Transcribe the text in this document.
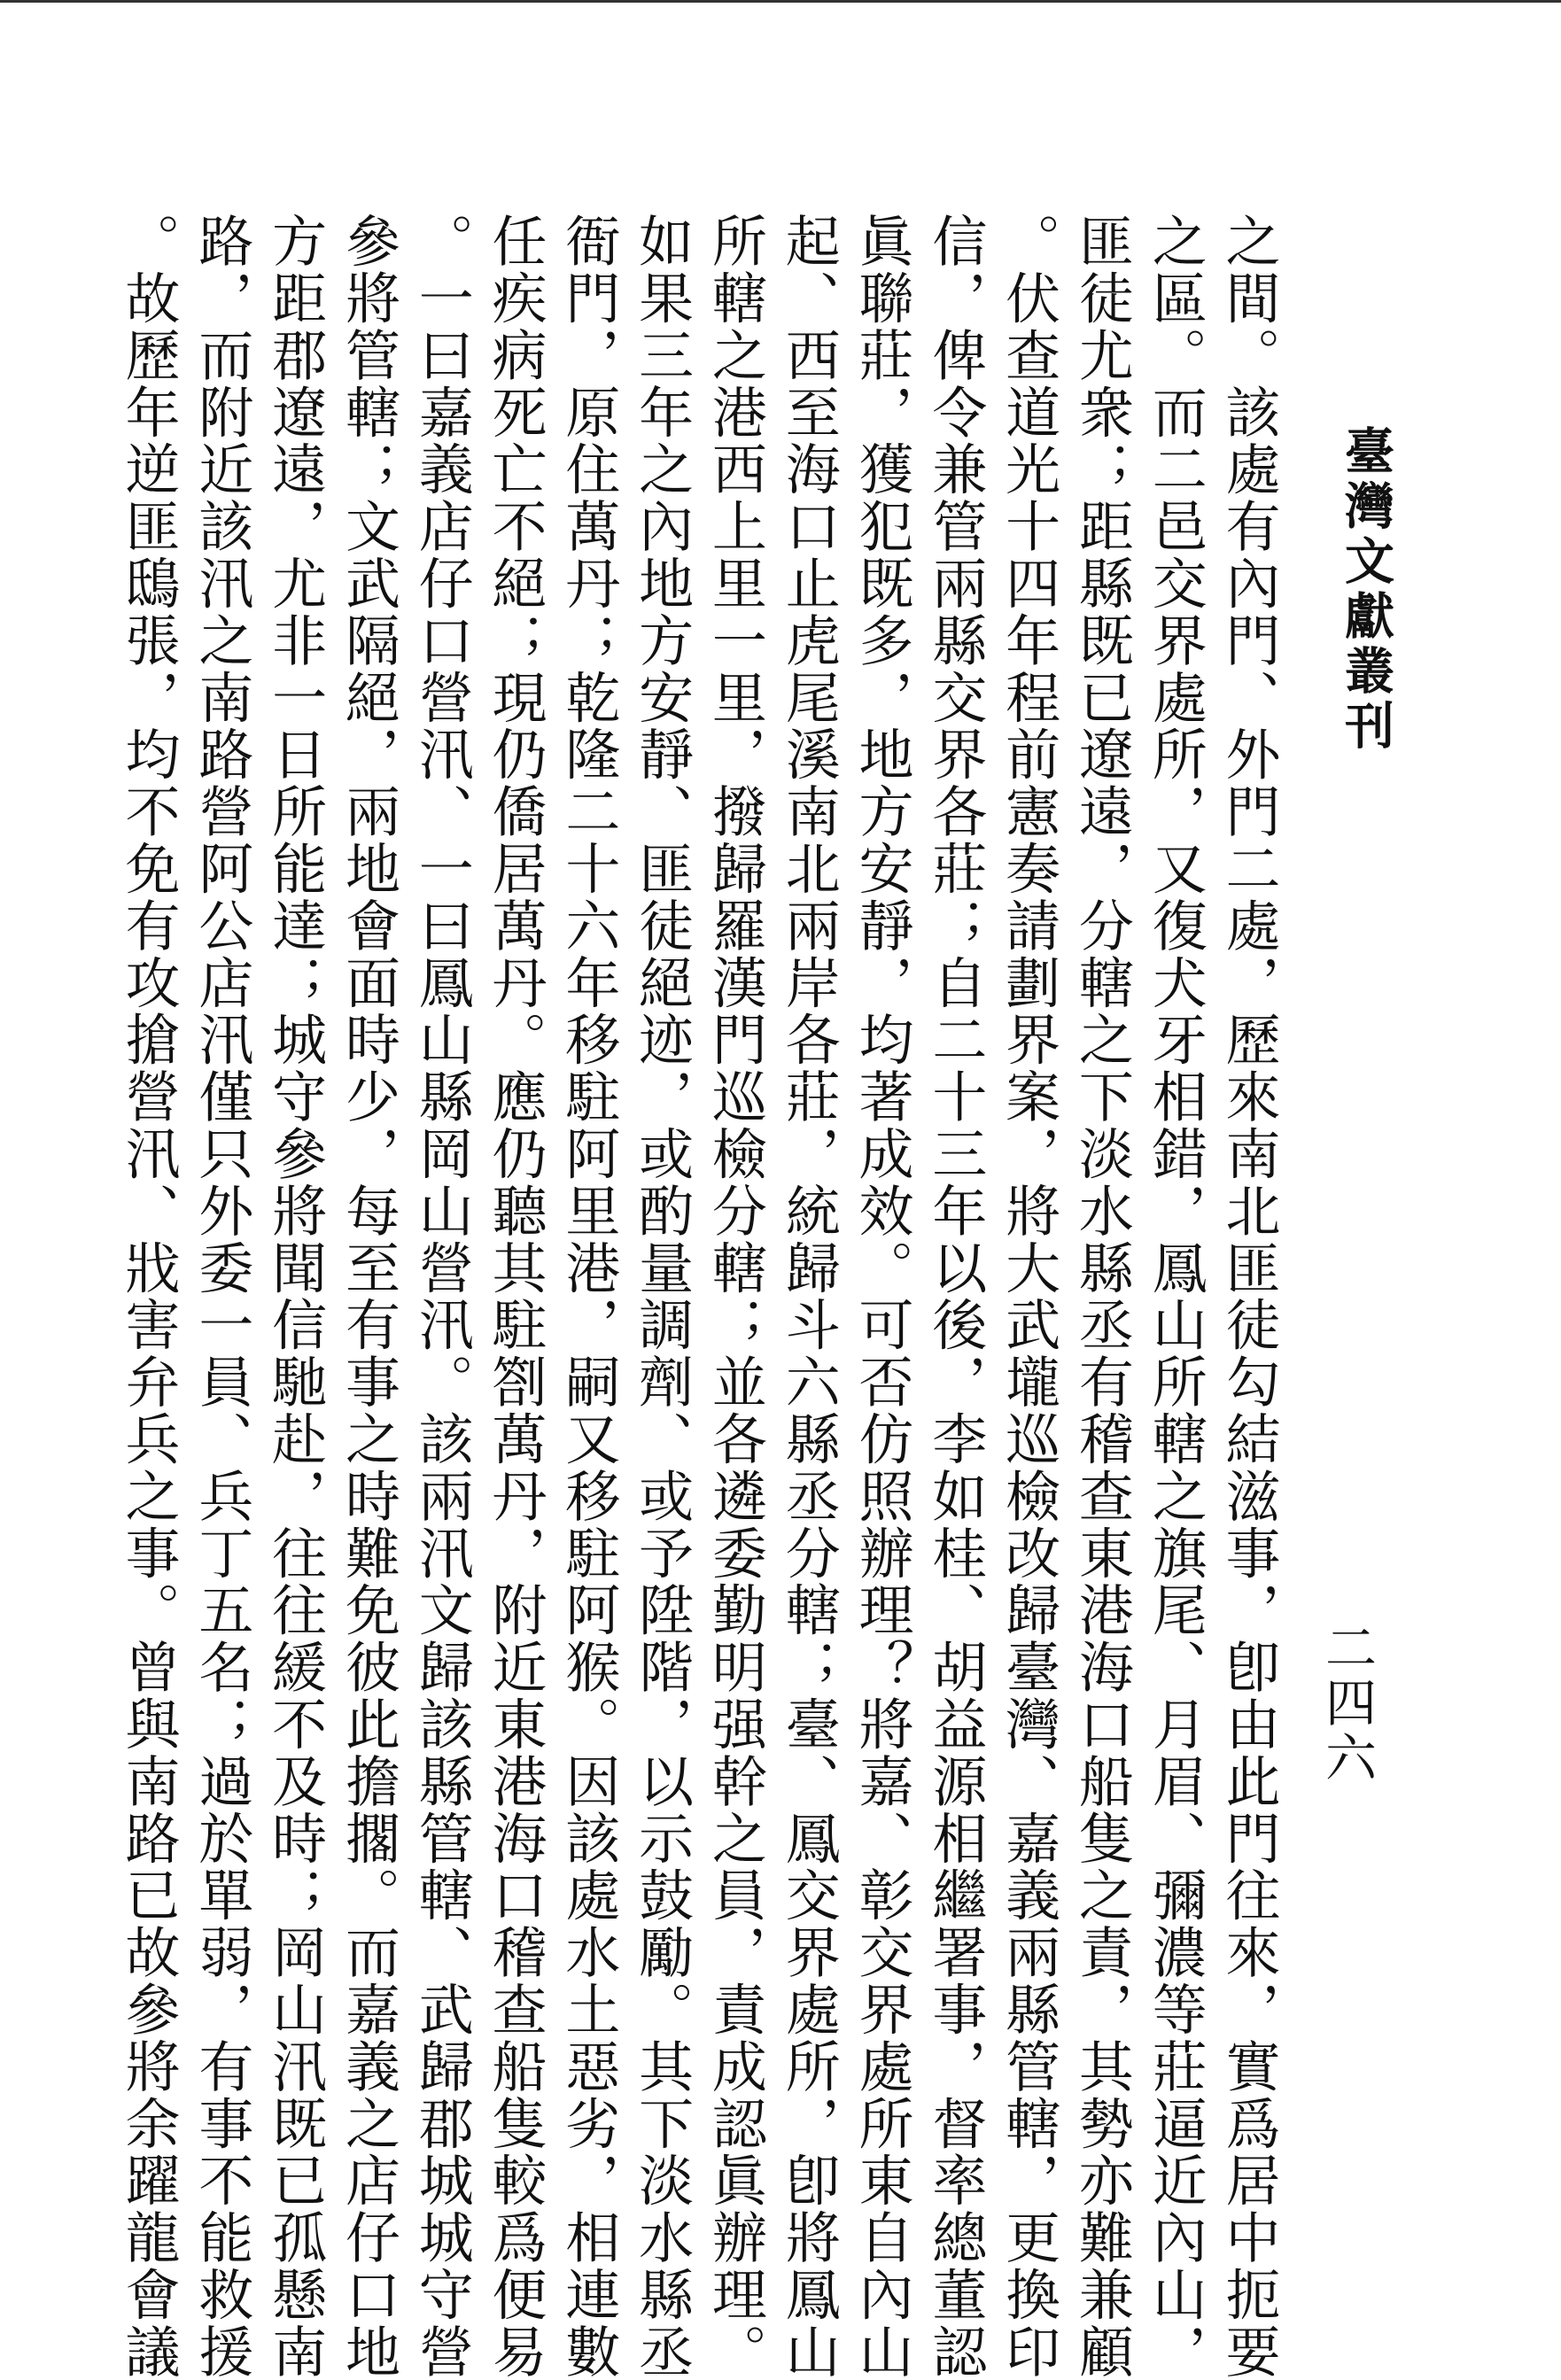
臺灣文獻叢刊
二四六
之間。該處有內門、外門二處，歷來南北匪徒勾結滋事，卽由此門往來，實爲居中扼要
之區。而二邑交界處所，又復犬牙相錯，鳳山所轄之旗尾、月眉、彌濃等莊逼近內山，
匪徒尤衆；距縣既已遼遠，分轄之下淡水縣丞有稽查東港海口船隻之責，其勢亦難兼顧
。伏查道光十四年程前憲奏請劃界案，將大武壠巡檢改歸臺灣、嘉義兩縣管轄，更換印
信，俾令兼管兩縣交界各莊；自二十三年以後，李如桂、胡益源相繼署事，督率總董認
眞聯莊，獲犯既多，地方安靜，均著成效。可否仿照辦理？將嘉、彰交界處所東自內山
起、西至海口止虎尾溪南北兩岸各莊，統歸斗六縣丞分轄；臺、鳳交界處所，卽將鳳山
所轄之港西上里一里，撥歸羅漢門巡檢分轄；並各遴委勤明强幹之員，責成認眞辦理。
如果三年之內地方安靜、匪徒絕迹，或酌量調劑、或予陞階，以示鼓勵。其下淡水縣丞
衙門，原住萬丹；乾隆二十六年移駐阿里港，嗣又移駐阿猴。因該處水土惡劣，相連數
任疾病死亡不絕；現仍僑居萬丹。應仍聽其駐劄萬丹，附近東港海口稽查船隻較爲便易
。一曰嘉義店仔口營汛、一曰鳳山縣岡山營汛。該兩汛文歸該縣管轄、武歸郡城城守營
參將管轄；文武隔絕，兩地會面時少，每至有事之時難免彼此擔擱。而嘉義之店仔口地
方距郡遼遠，尤非一日所能達；城守參將聞信馳赴，往往緩不及時；岡山汛既已孤懸南
路，而附近該汛之南路營阿公店汛僅只外委一員、兵丁五名；過於單弱，有事不能救援
。故歷年逆匪鴟張，均不免有攻搶營汛、戕害弁兵之事。曾與南路已故參將余躍龍會議
